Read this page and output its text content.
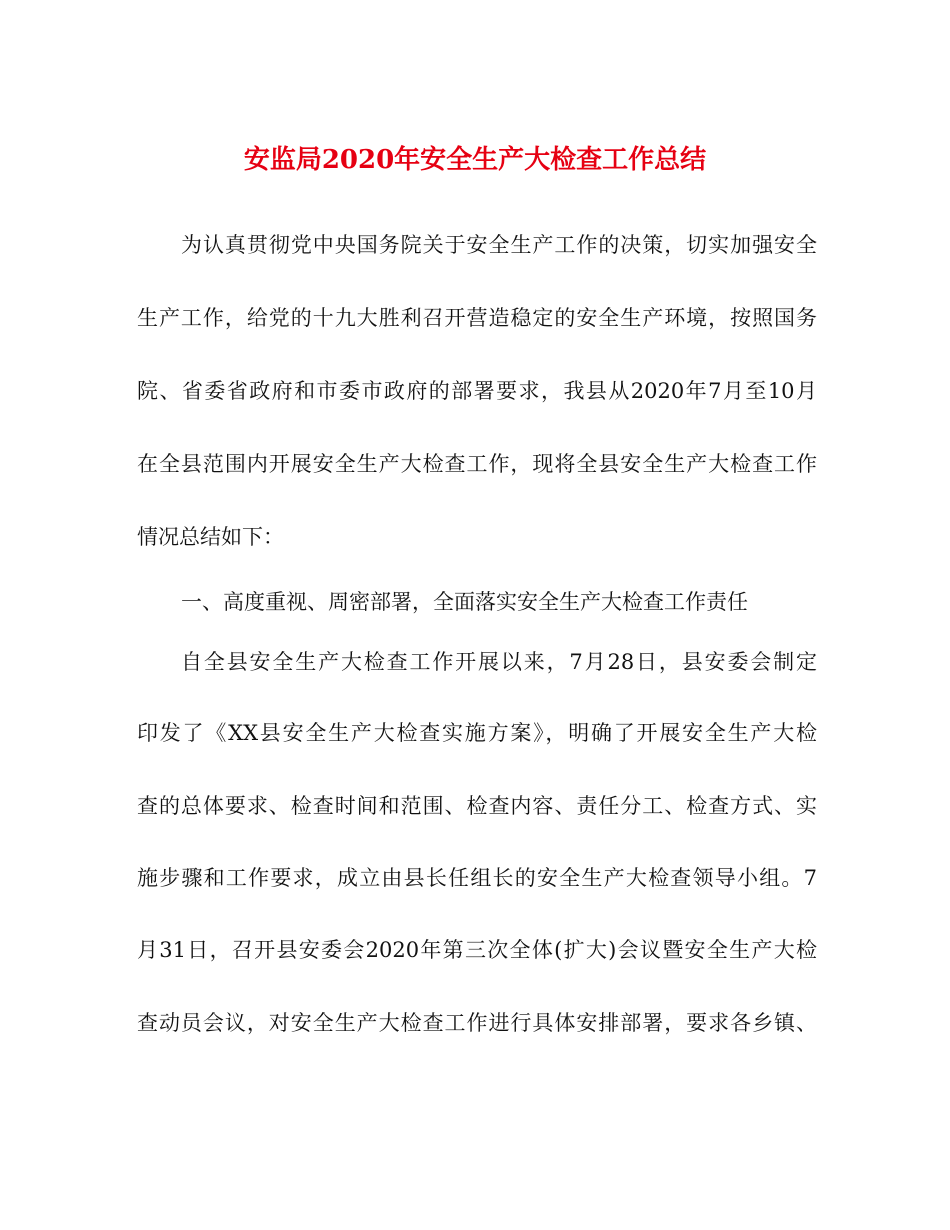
安监局2020年安全生产大检查工作总结
为认真贯彻党中央国务院关于安全生产工作的决策，切实加强安全
生产工作，给党的十九大胜利召开营造稳定的安全生产环境，按照国务
院、省委省政府和市委市政府的部署要求，我县从2020年7月至10月
在全县范围内开展安全生产大检查工作，现将全县安全生产大检查工作
情况总结如下：
一、高度重视、周密部署，全面落实安全生产大检查工作责任
自全县安全生产大检查工作开展以来，7月28日，县安委会制定
印发了《XX县安全生产大检查实施方案》，明确了开展安全生产大检
查的总体要求、检查时间和范围、检查内容、责任分工、检查方式、实
施步骤和工作要求，成立由县长任组长的安全生产大检查领导小组。7
月31日，召开县安委会2020年第三次全体(扩大)会议暨安全生产大检
查动员会议，对安全生产大检查工作进行具体安排部署，要求各乡镇、
